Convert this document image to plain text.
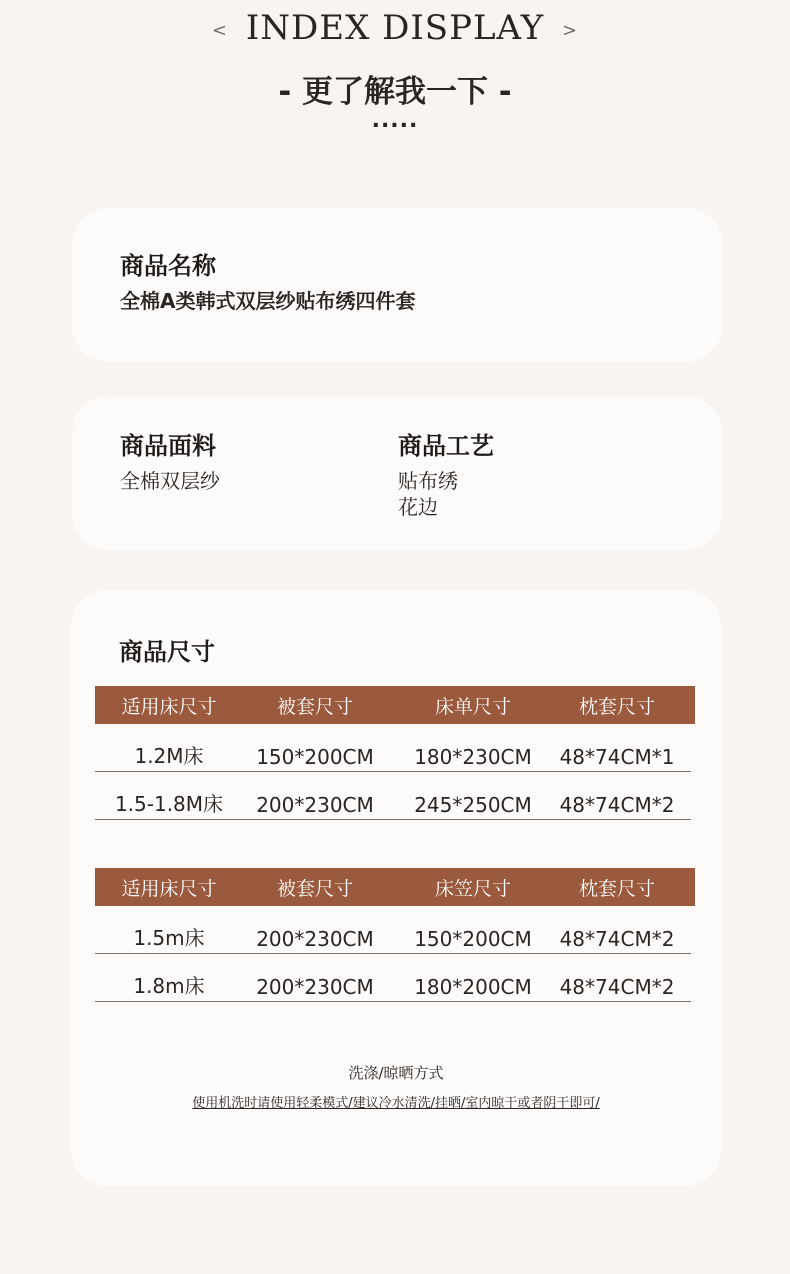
< INDEX DISPLAY >
- 更了解我一下 -
.....
商品名称
全棉A类韩式双层纱贴布绣四件套
商品面料
全棉双层纱
商品工艺
贴布绣
花边
商品尺寸
适用床尺寸	被套尺寸	床单尺寸	枕套尺寸
1.2M床	150*200CM	180*230CM	48*74CM*1
1.5-1.8M床	200*230CM	245*250CM	48*74CM*2
适用床尺寸	被套尺寸	床笠尺寸	枕套尺寸
1.5m床	200*230CM	150*200CM	48*74CM*2
1.8m床	200*230CM	180*200CM	48*74CM*2
洗涤/晾晒方式
使用机洗时请使用轻柔模式/建议冷水清洗/挂晒/室内晾干或者阴干即可/
